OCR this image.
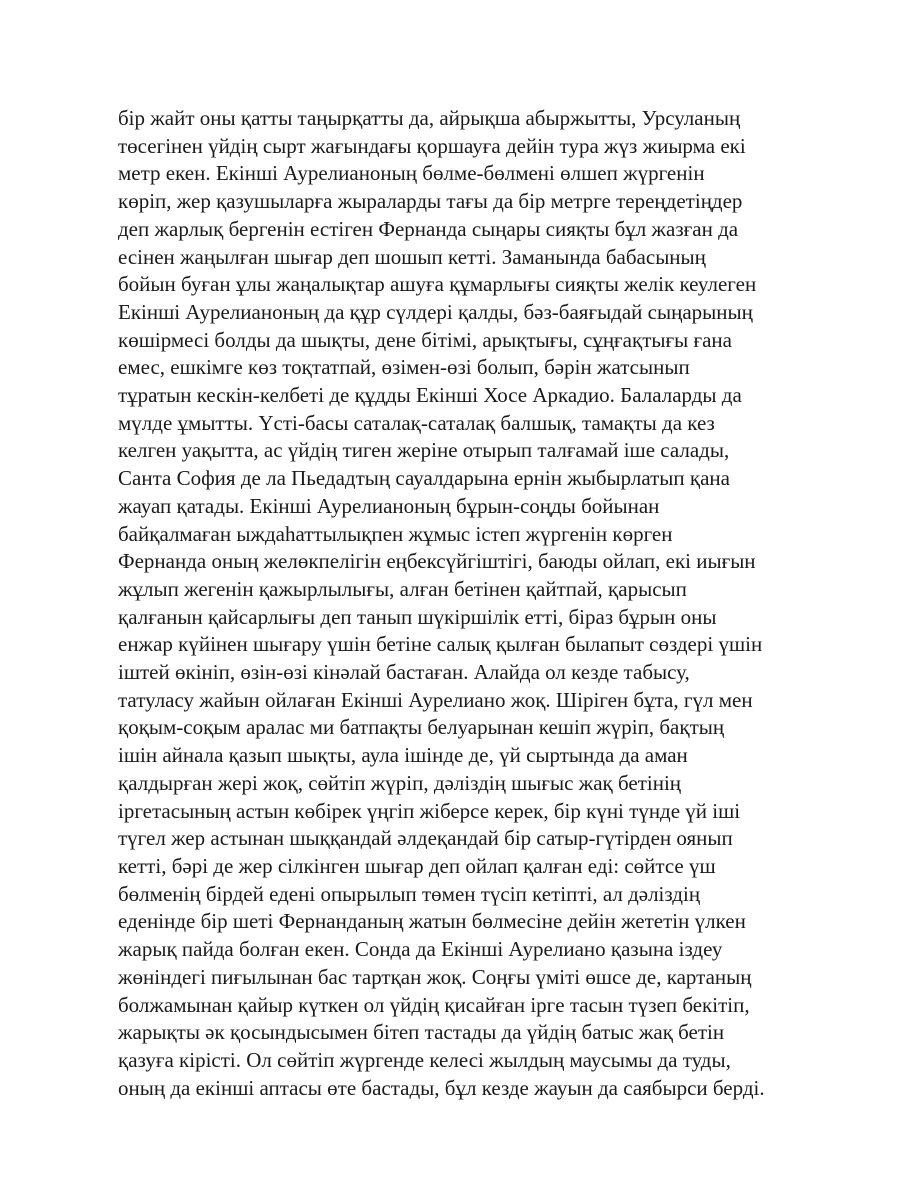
бір жайт оны қатты таңырқатты да, айрықша абыржытты, Урсуланың
төсегінен үйдің сырт жағындағы қоршауға дейін тура жүз жиырма екі
метр екен. Екінші Аурелианоның бөлме-бөлмені өлшеп жүргенін
көріп, жер қазушыларға жыраларды тағы да бір метрге тереңдетіңдер
деп жарлық бергенін естіген Фернанда сыңары сияқты бұл жазған да
есінен жаңылған шығар деп шошып кетті. Заманында бабасының
бойын буған ұлы жаңалықтар ашуға құмарлығы сияқты желік кеулеген
Екінші Аурелианоның да құр сүлдері қалды, бәз-баяғыдай сыңарының
көшірмесі болды да шықты, дене бітімі, арықтығы, сұңғақтығы ғана
емес, ешкімге көз тоқтатпай, өзімен-өзі болып, бәрін жатсынып
тұратын кескін-келбеті де құдды Екінші Хосе Аркадио. Балаларды да
мүлде ұмытты. Үсті-басы саталақ-саталақ балшық, тамақты да кез
келген уақытта, ас үйдің тиген жеріне отырып талғамай іше салады,
Санта София де ла Пьедадтың сауалдарына ернін жыбырлатып қана
жауап қатады. Екінші Аурелианоның бұрын-соңды бойынан
байқалмаған ыждаһаттылықпен жұмыс істеп жүргенін көрген
Фернанда оның желөкпелігін еңбексүйгіштігі, баюды ойлап, екі иығын
жұлып жегенін қажырлылығы, алған бетінен қайтпай, қарысып
қалғанын қайсарлығы деп танып шүкіршілік етті, біраз бұрын оны
енжар күйінен шығару үшін бетіне салық қылған былапыт сөздері үшін
іштей өкініп, өзін-өзі кінәлай бастаған. Алайда ол кезде табысу,
татуласу жайын ойлаған Екінші Аурелиано жоқ. Шіріген бұта, гүл мен
қоқым-соқым аралас ми батпақты белуарынан кешіп жүріп, бақтың
ішін айнала қазып шықты, аула ішінде де, үй сыртында да аман
қалдырған жері жоқ, сөйтіп жүріп, дәліздің шығыс жақ бетінің
іргетасының астын көбірек үңгіп жіберсе керек, бір күні түнде үй іші
түгел жер астынан шыққандай әлдеқандай бір сатыр-гүтірден оянып
кетті, бәрі де жер сілкінген шығар деп ойлап қалған еді: сөйтсе үш
бөлменің бірдей едені опырылып төмен түсіп кетіпті, ал дәліздің
еденінде бір шеті Фернанданың жатын бөлмесіне дейін жететін үлкен
жарық пайда болған екен. Сонда да Екінші Аурелиано қазына іздеу
жөніндегі пиғылынан бас тартқан жоқ. Соңғы үміті өшсе де, картаның
болжамынан қайыр күткен ол үйдің қисайған іргe тасын түзеп бекітіп,
жарықты әк қосындысымен бітеп тастады да үйдің батыс жақ бетін
қазуға кірісті. Ол сөйтіп жүргенде келесі жылдың маусымы да туды,
оның да екінші аптасы өте бастады, бұл кезде жауын да саябырси берді.
